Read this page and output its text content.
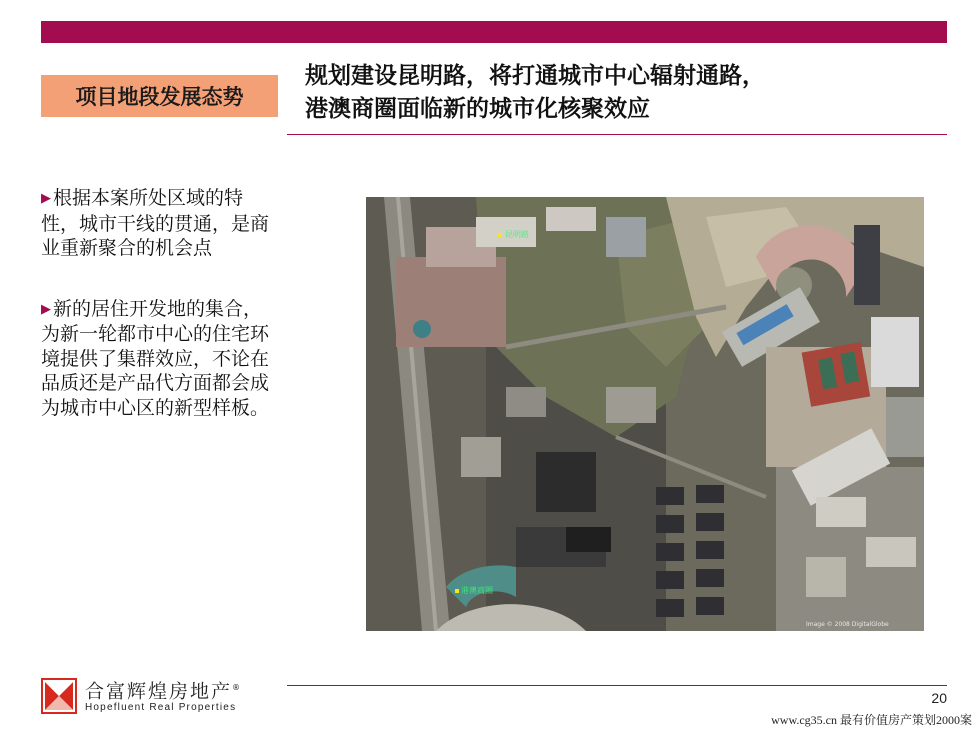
项目地段发展态势
规划建设昆明路，将打通城市中心辐射通路，
港澳商圈面临新的城市化核聚效应
▶ 根据本案所处区域的特性，城市干线的贯通，是商业重新聚合的机会点
▶ 新的居住开发地的集合，为新一轮都市中心的住宅环境提供了集群效应，不论在品质还是产品代方面都会成为城市中心区的新型样板。
昆明路
港澳商圈
Image © 2008 DigitalGlobe
合富辉煌房地产®
Hopefluent Real Properties
20
www.cg35.cn 最有价值房产策划2000案
